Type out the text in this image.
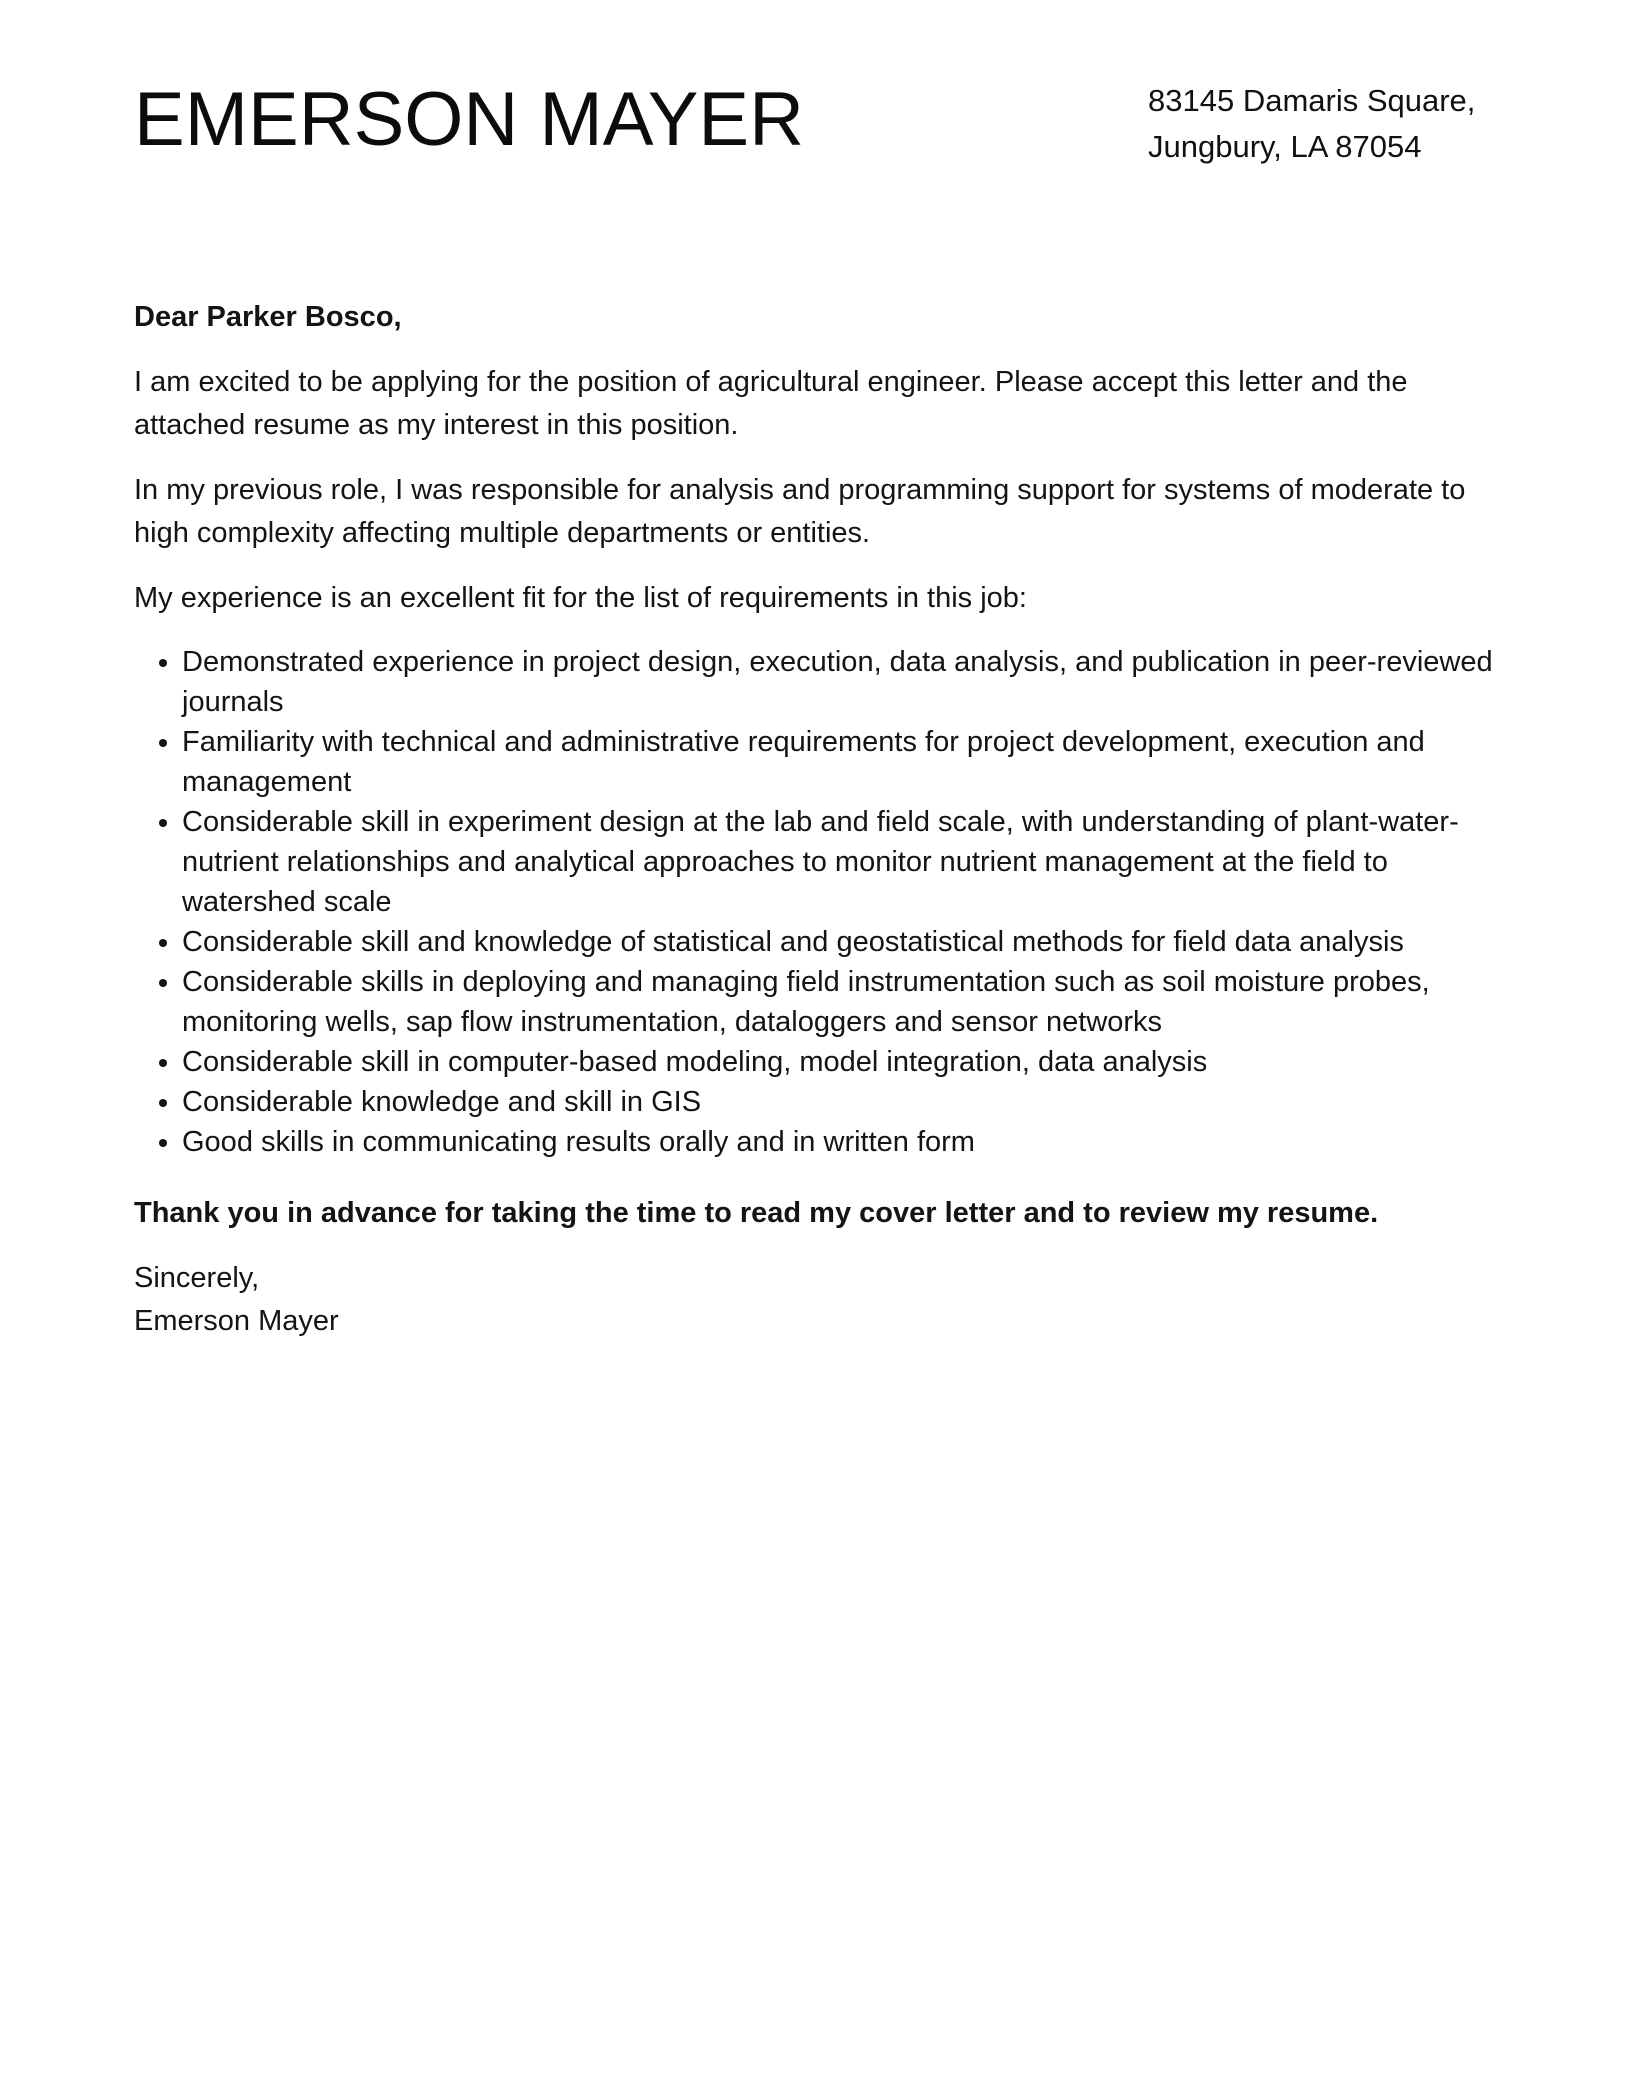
EMERSON MAYER	83145 Damaris Square,
Jungbury, LA 87054

Dear Parker Bosco,

I am excited to be applying for the position of agricultural engineer. Please accept this letter and the attached resume as my interest in this position.

In my previous role, I was responsible for analysis and programming support for systems of moderate to high complexity affecting multiple departments or entities.

My experience is an excellent fit for the list of requirements in this job:

• Demonstrated experience in project design, execution, data analysis, and publication in peer-reviewed journals
• Familiarity with technical and administrative requirements for project development, execution and management
• Considerable skill in experiment design at the lab and field scale, with understanding of plant-water-nutrient relationships and analytical approaches to monitor nutrient management at the field to watershed scale
• Considerable skill and knowledge of statistical and geostatistical methods for field data analysis
• Considerable skills in deploying and managing field instrumentation such as soil moisture probes, monitoring wells, sap flow instrumentation, dataloggers and sensor networks
• Considerable skill in computer-based modeling, model integration, data analysis
• Considerable knowledge and skill in GIS
• Good skills in communicating results orally and in written form

Thank you in advance for taking the time to read my cover letter and to review my resume.

Sincerely,
Emerson Mayer
